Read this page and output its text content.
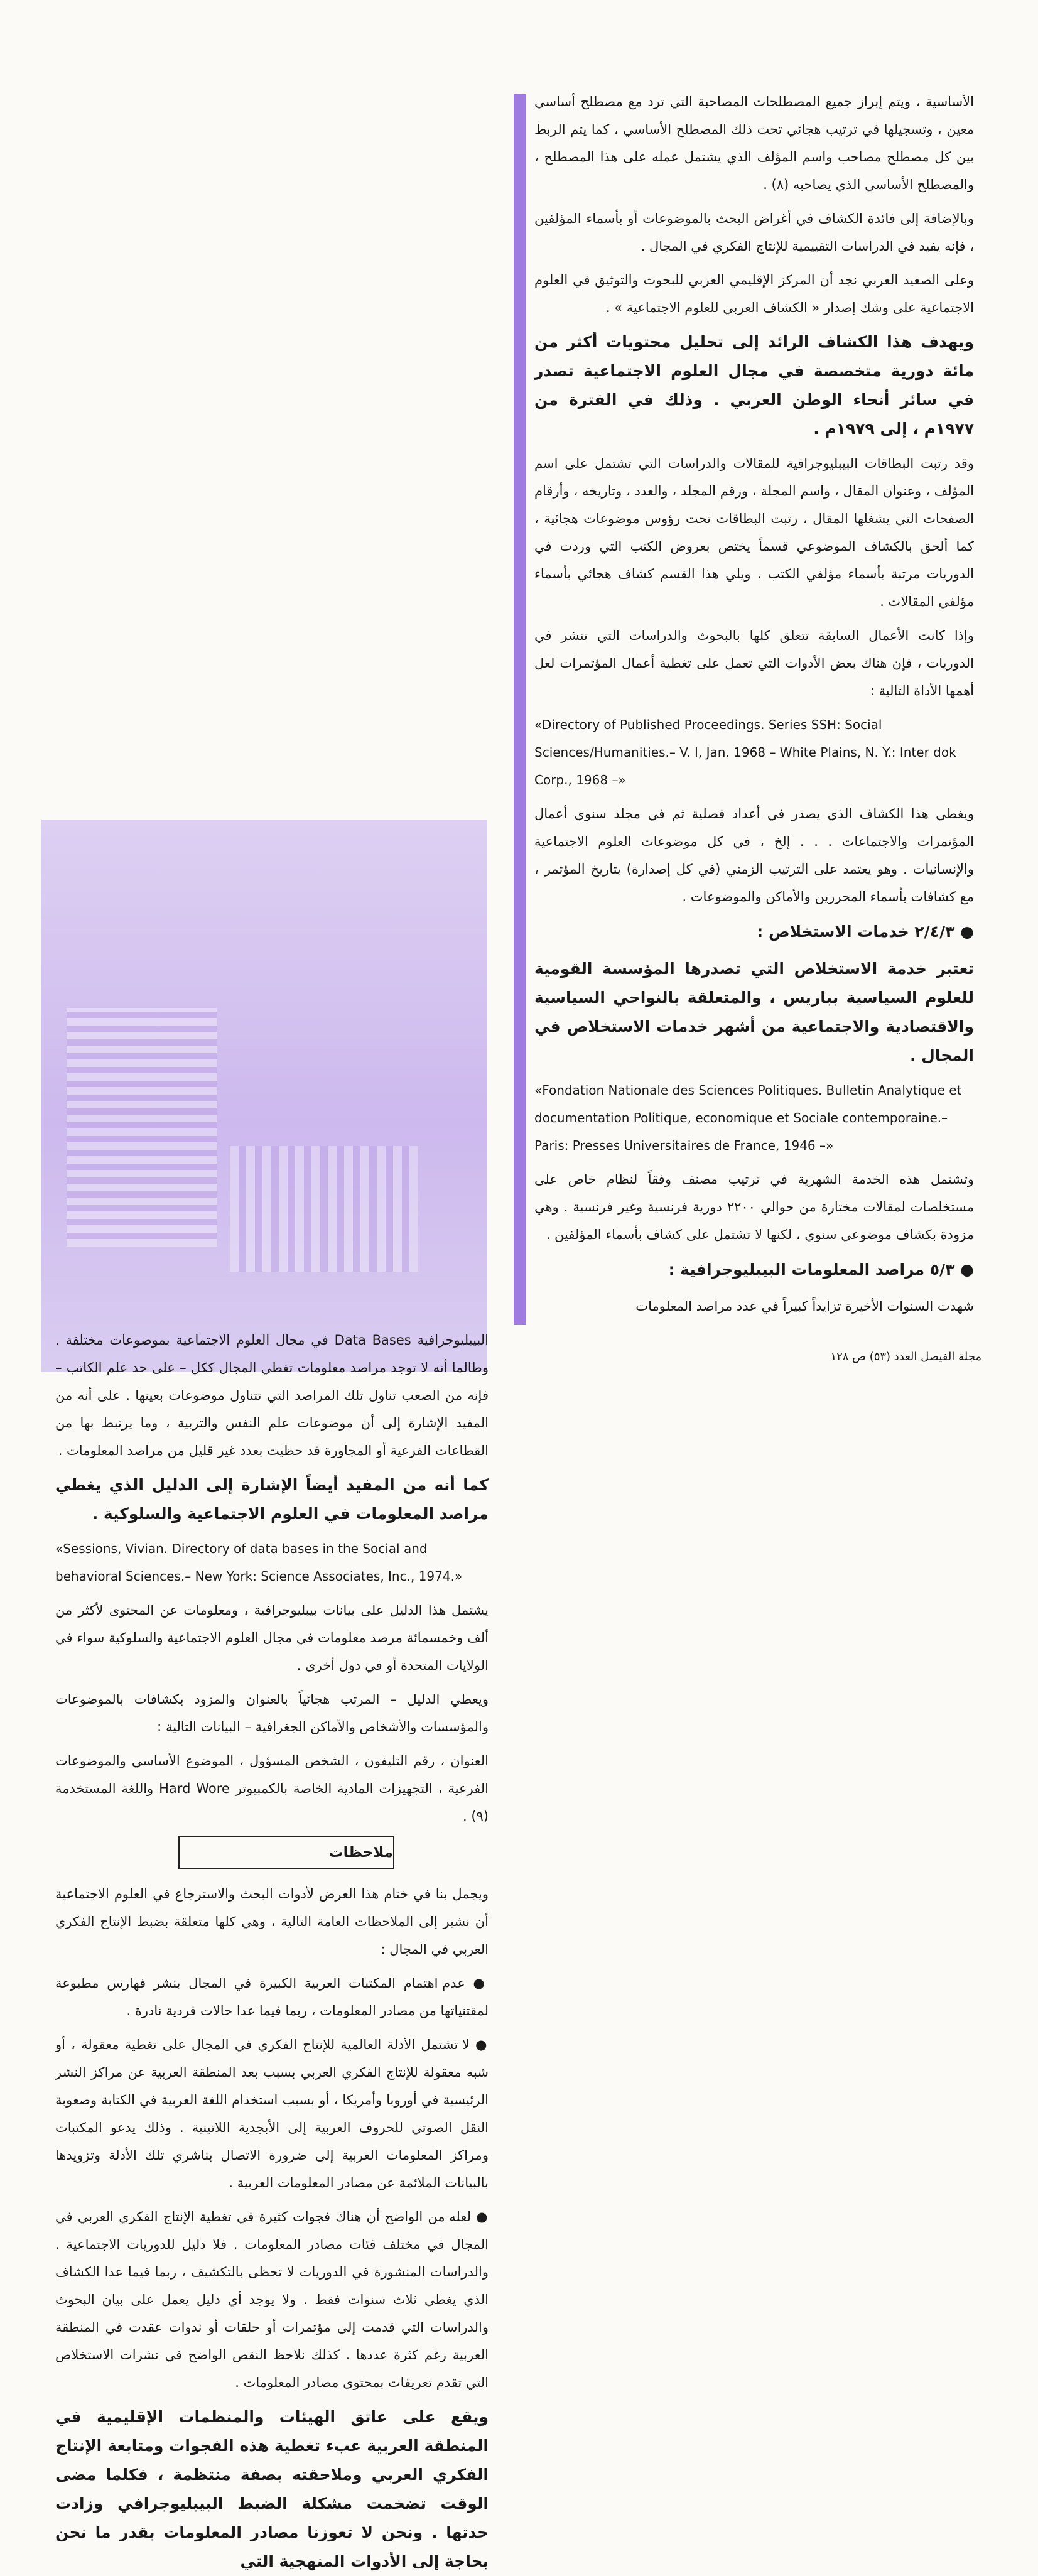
الأساسية ، ويتم إبراز جميع المصطلحات المصاحبة التي ترد مع مصطلح أساسي معين ، وتسجيلها في ترتيب هجائي تحت ذلك المصطلح الأساسي ، كما يتم الربط بين كل مصطلح مصاحب واسم المؤلف الذي يشتمل عمله على هذا المصطلح ، والمصطلح الأساسي الذي يصاحبه (٨) .

وبالإضافة إلى فائدة الكشاف في أغراض البحث بالموضوعات أو بأسماء المؤلفين ، فإنه يفيد في الدراسات التقييمية للإنتاج الفكري في المجال .

وعلى الصعيد العربي نجد أن المركز الإقليمي العربي للبحوث والتوثيق في العلوم الاجتماعية على وشك إصدار « الكشاف العربي للعلوم الاجتماعية » .

ويهدف هذا الكشاف الرائد إلى تحليل محتويات أكثر من مائة دورية متخصصة في مجال العلوم الاجتماعية تصدر في سائر أنحاء الوطن العربي . وذلك في الفترة من ١٩٧٧م ، إلى ١٩٧٩م .

وقد رتبت البطاقات البيبليوجرافية للمقالات والدراسات التي تشتمل على اسم المؤلف ، وعنوان المقال ، واسم المجلة ، ورقم المجلد ، والعدد ، وتاريخه ، وأرقام الصفحات التي يشغلها المقال ، رتبت البطاقات تحت رؤوس موضوعات هجائية ، كما ألحق بالكشاف الموضوعي قسماً يختص بعروض الكتب التي وردت في الدوريات مرتبة بأسماء مؤلفي الكتب . ويلي هذا القسم كشاف هجائي بأسماء مؤلفي المقالات .

وإذا كانت الأعمال السابقة تتعلق كلها بالبحوث والدراسات التي تنشر في الدوريات ، فإن هناك بعض الأدوات التي تعمل على تغطية أعمال المؤتمرات لعل أهمها الأداة التالية :

«Directory of Published Proceedings. Series SSH: Social Sciences/Humanities.– V. I, Jan. 1968 – White Plains, N. Y.: Inter dok Corp., 1968 –»

ويغطي هذا الكشاف الذي يصدر في أعداد فصلية ثم في مجلد سنوي أعمال المؤتمرات والاجتماعات . . . إلخ ، في كل موضوعات العلوم الاجتماعية والإنسانيات . وهو يعتمد على الترتيب الزمني (في كل إصدارة) بتاريخ المؤتمر ، مع كشافات بأسماء المحررين والأماكن والموضوعات .

● ٢/٤/٣ خدمات الاستخلاص :

تعتبر خدمة الاستخلاص التي تصدرها المؤسسة القومية للعلوم السياسية بباريس ، والمتعلقة بالنواحي السياسية والاقتصادية والاجتماعية من أشهر خدمات الاستخلاص في المجال .

«Fondation Nationale des Sciences Politiques. Bulletin Analytique et documentation Politique, economique et Sociale contemporaine.– Paris: Presses Universitaires de France, 1946 –»

وتشتمل هذه الخدمة الشهرية في ترتيب مصنف وفقاً لنظام خاص على مستخلصات لمقالات مختارة من حوالي ٢٢٠٠ دورية فرنسية وغير فرنسية . وهي مزودة بكشاف موضوعي سنوي ، لكنها لا تشتمل على كشاف بأسماء المؤلفين .

● ٥/٣ مراصد المعلومات البيبليوجرافية :

شهدت السنوات الأخيرة تزايداً كبيراً في عدد مراصد المعلومات

البيبليوجرافية Data Bases في مجال العلوم الاجتماعية بموضوعات مختلفة . وطالما أنه لا توجد مراصد معلومات تغطي المجال ككل – على حد علم الكاتب – فإنه من الصعب تناول تلك المراصد التي تتناول موضوعات بعينها . على أنه من المفيد الإشارة إلى أن موضوعات علم النفس والتربية ، وما يرتبط بها من القطاعات الفرعية أو المجاورة قد حظيت بعدد غير قليل من مراصد المعلومات .

كما أنه من المفيد أيضاً الإشارة إلى الدليل الذي يغطي مراصد المعلومات في العلوم الاجتماعية والسلوكية .

«Sessions, Vivian. Directory of data bases in the Social and behavioral Sciences.– New York: Science Associates, Inc., 1974.»

يشتمل هذا الدليل على بيانات بيبليوجرافية ، ومعلومات عن المحتوى لأكثر من ألف وخمسمائة مرصد معلومات في مجال العلوم الاجتماعية والسلوكية سواء في الولايات المتحدة أو في دول أخرى .

ويعطي الدليل – المرتب هجائياً بالعنوان والمزود بكشافات بالموضوعات والمؤسسات والأشخاص والأماكن الجغرافية – البيانات التالية :

العنوان ، رقم التليفون ، الشخص المسؤول ، الموضوع الأساسي والموضوعات الفرعية ، التجهيزات المادية الخاصة بالكمبيوتر Hard Wore واللغة المستخدمة (٩) .

ملاحظات

ويجمل بنا في ختام هذا العرض لأدوات البحث والاسترجاع في العلوم الاجتماعية أن نشير إلى الملاحظات العامة التالية ، وهي كلها متعلقة بضبط الإنتاج الفكري العربي في المجال :

● عدم اهتمام المكتبات العربية الكبيرة في المجال بنشر فهارس مطبوعة لمقتنياتها من مصادر المعلومات ، ربما فيما عدا حالات فردية نادرة .

● لا تشتمل الأدلة العالمية للإنتاج الفكري في المجال على تغطية معقولة ، أو شبه معقولة للإنتاج الفكري العربي بسبب بعد المنطقة العربية عن مراكز النشر الرئيسية في أوروبا وأمريكا ، أو بسبب استخدام اللغة العربية في الكتابة وصعوبة النقل الصوتي للحروف العربية إلى الأبجدية اللاتينية . وذلك يدعو المكتبات ومراكز المعلومات العربية إلى ضرورة الاتصال بناشري تلك الأدلة وتزويدها بالبيانات الملائمة عن مصادر المعلومات العربية .

● لعله من الواضح أن هناك فجوات كثيرة في تغطية الإنتاج الفكري العربي في المجال في مختلف فئات مصادر المعلومات . فلا دليل للدوريات الاجتماعية . والدراسات المنشورة في الدوريات لا تحظى بالتكشيف ، ربما فيما عدا الكشاف الذي يغطي ثلاث سنوات فقط . ولا يوجد أي دليل يعمل على بيان البحوث والدراسات التي قدمت إلى مؤتمرات أو حلقات أو ندوات عقدت في المنطقة العربية رغم كثرة عددها . كذلك نلاحظ النقص الواضح في نشرات الاستخلاص التي تقدم تعريفات بمحتوى مصادر المعلومات .

ويقع على عاتق الهيئات والمنظمات الإقليمية في المنطقة العربية عبء تغطية هذه الفجوات ومتابعة الإنتاج الفكري العربي وملاحقته بصفة منتظمة ، فكلما مضى الوقت تضخمت مشكلة الضبط البيبليوجرافي وزادت حدتها . ونحن لا تعوزنا مصادر المعلومات بقدر ما نحن بحاجة إلى الأدوات المنهجية التي

مجلة الفيصل العدد (٥٣) ص ١٢٨
